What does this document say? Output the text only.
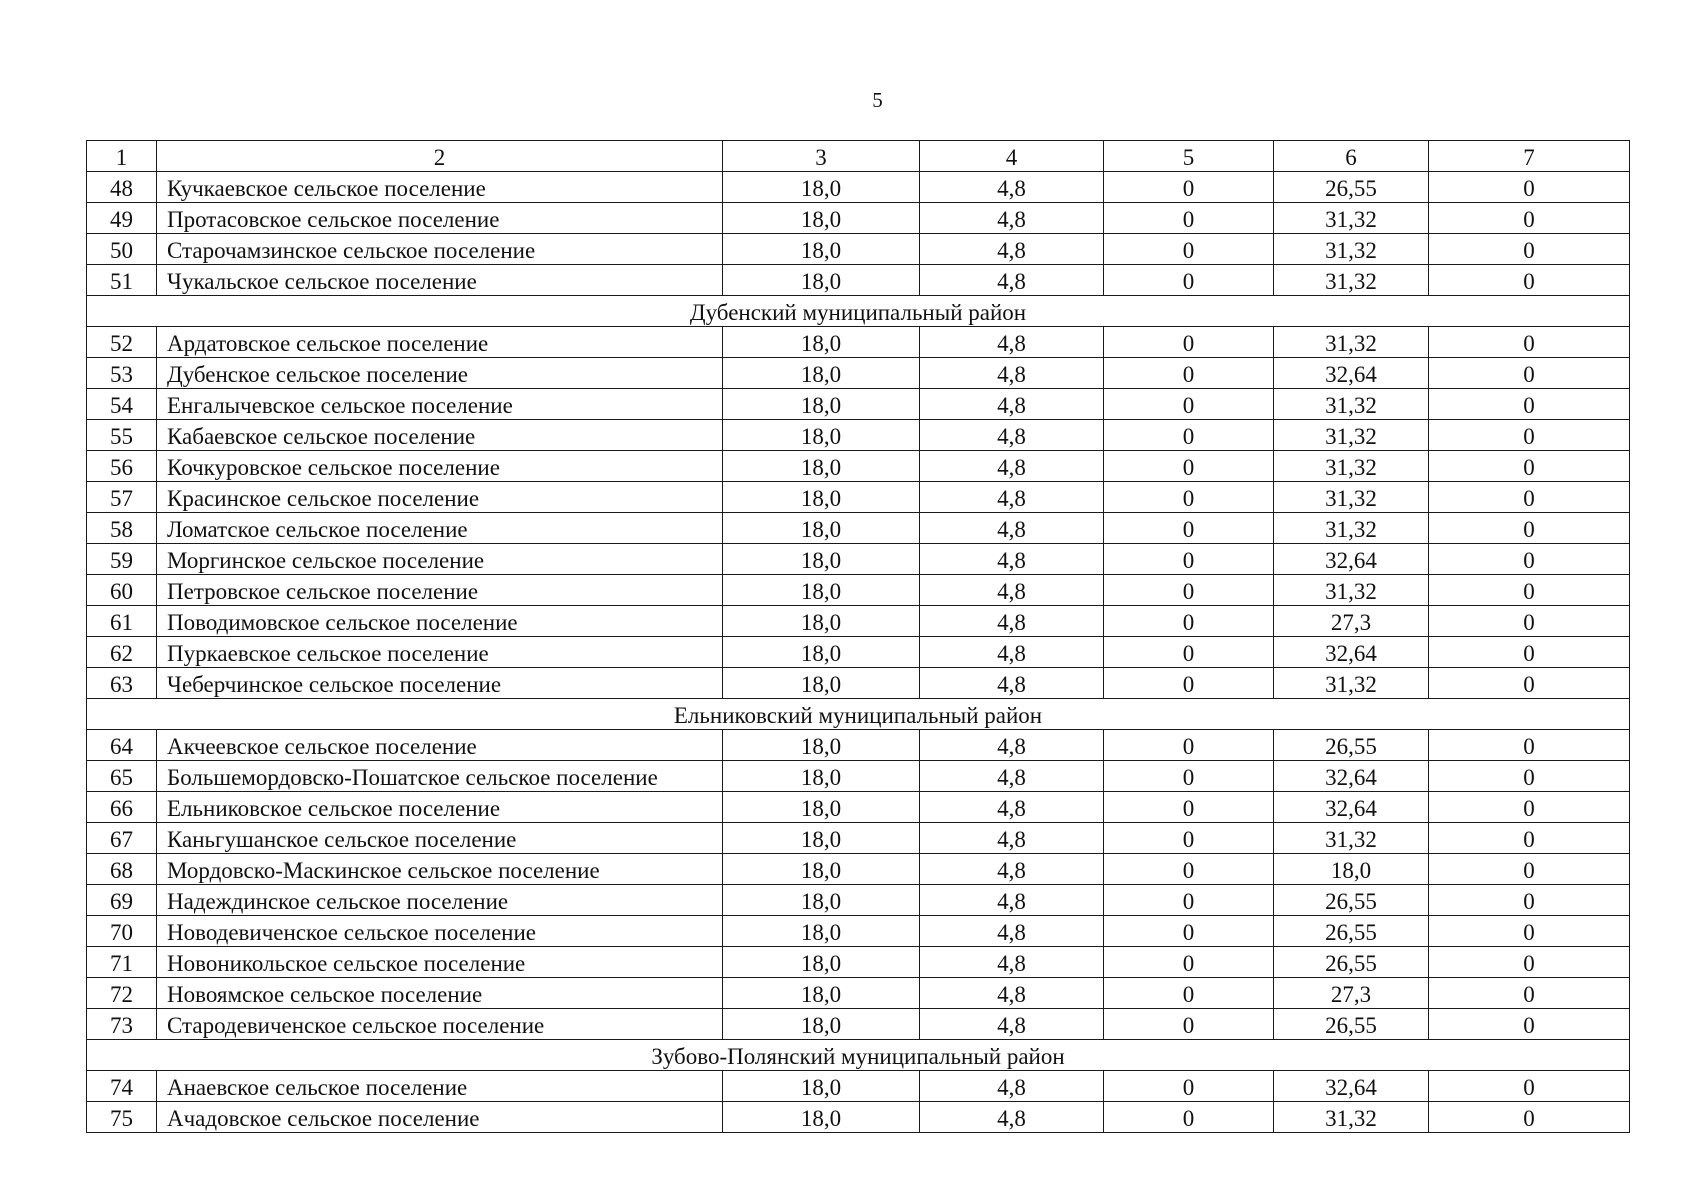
5
1	2	3	4	5	6	7
48	Кучкаевское сельское поселение	18,0	4,8	0	26,55	0
49	Протасовское сельское поселение	18,0	4,8	0	31,32	0
50	Старочамзинское сельское поселение	18,0	4,8	0	31,32	0
51	Чукальское сельское поселение	18,0	4,8	0	31,32	0
Дубенский муниципальный район						
52	Ардатовское сельское поселение	18,0	4,8	0	31,32	0
53	Дубенское сельское поселение	18,0	4,8	0	32,64	0
54	Енгалычевское сельское поселение	18,0	4,8	0	31,32	0
55	Кабаевское сельское поселение	18,0	4,8	0	31,32	0
56	Кочкуровское сельское поселение	18,0	4,8	0	31,32	0
57	Красинское сельское поселение	18,0	4,8	0	31,32	0
58	Ломатское сельское поселение	18,0	4,8	0	31,32	0
59	Моргинское сельское поселение	18,0	4,8	0	32,64	0
60	Петровское сельское поселение	18,0	4,8	0	31,32	0
61	Поводимовское сельское поселение	18,0	4,8	0	27,3	0
62	Пуркаевское сельское поселение	18,0	4,8	0	32,64	0
63	Чеберчинское сельское поселение	18,0	4,8	0	31,32	0
Ельниковский муниципальный район						
64	Акчеевское сельское поселение	18,0	4,8	0	26,55	0
65	Большемордовско-Пошатское сельское поселение	18,0	4,8	0	32,64	0
66	Ельниковское сельское поселение	18,0	4,8	0	32,64	0
67	Каньгушанское сельское поселение	18,0	4,8	0	31,32	0
68	Мордовско-Маскинское сельское поселение	18,0	4,8	0	18,0	0
69	Надеждинское сельское поселение	18,0	4,8	0	26,55	0
70	Новодевиченское сельское поселение	18,0	4,8	0	26,55	0
71	Новоникольское сельское поселение	18,0	4,8	0	26,55	0
72	Новоямское сельское поселение	18,0	4,8	0	27,3	0
73	Стародевиченское сельское поселение	18,0	4,8	0	26,55	0
Зубово-Полянский муниципальный район						
74	Анаевское сельское поселение	18,0	4,8	0	32,64	0
75	Ачадовское сельское поселение	18,0	4,8	0	31,32	0
